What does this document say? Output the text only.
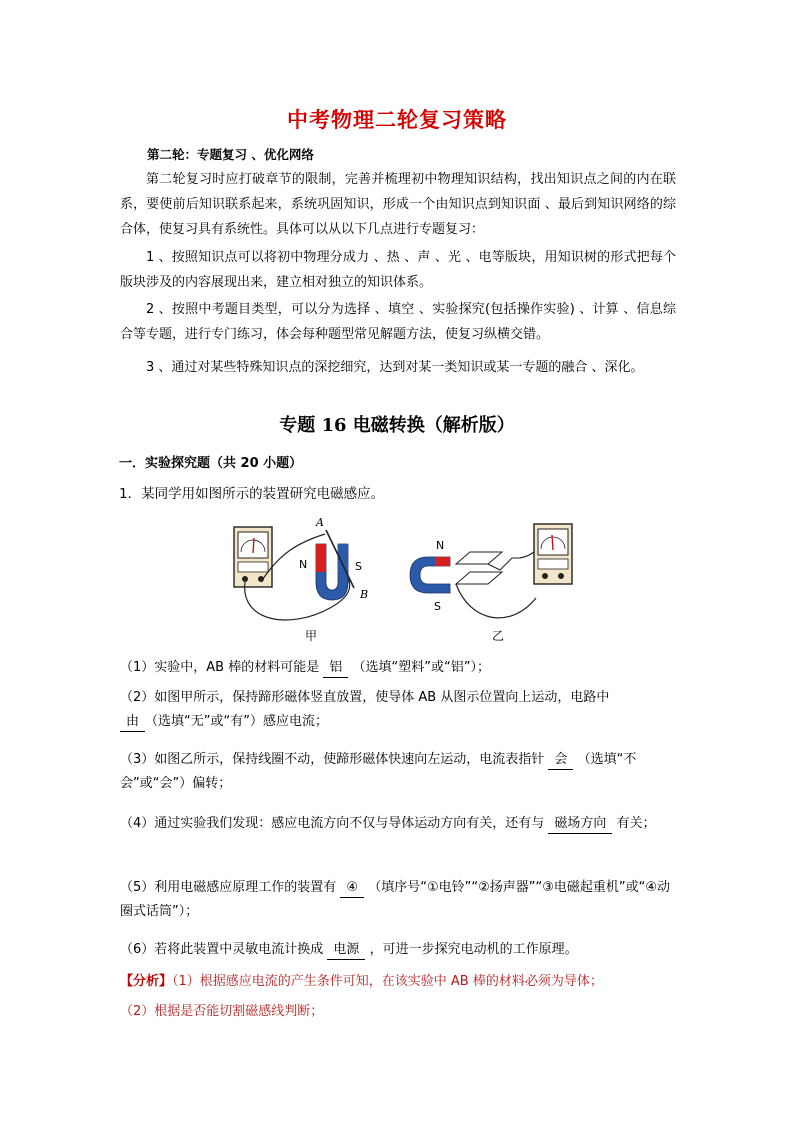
中考物理二轮复习策略
第二轮：专题复习 、优化网络
第二轮复习时应打破章节的限制，完善并梳理初中物理知识结构，找出知识点之间的内在联系，要使前后知识联系起来，系统巩固知识，形成一个由知识点到知识面 、最后到知识网络的综合体，使复习具有系统性。具体可以从以下几点进行专题复习：
1 、按照知识点可以将初中物理分成力 、热 、声 、光 、电等版块，用知识树的形式把每个版块涉及的内容展现出来，建立相对独立的知识体系。
2 、按照中考题目类型，可以分为选择 、填空 、实验探究(包括操作实验) 、计算 、信息综合等专题，进行专门练习，体会每种题型常见解题方法，使复习纵横交错。
3 、通过对某些特殊知识点的深挖细究，达到对某一类知识或某一专题的融合 、深化。
专题 16 电磁转换（解析版）
一．实验探究题（共 20 小题）
1．某同学用如图所示的装置研究电磁感应。
A
B
N	S
甲
N
S
乙
（1）实验中，AB 棒的材料可能是 铝 （选填“塑料”或“铝”）；
（2）如图甲所示，保持蹄形磁体竖直放置，使导体 AB 从图示位置向上运动，电路中
由 （选填“无”或“有”）感应电流；
（3）如图乙所示，保持线圈不动，使蹄形磁体快速向左运动，电流表指针 会 （选填“不会”或“会”）偏转；
（4）通过实验我们发现：感应电流方向不仅与导体运动方向有关，还有与 磁场方向 有关；
（5）利用电磁感应原理工作的装置有 ④ （填序号“①电铃”“②扬声器”“③电磁起重机”或“④动圈式话筒”）；
（6）若将此装置中灵敏电流计换成 电源 ，可进一步探究电动机的工作原理。
【分析】（1）根据感应电流的产生条件可知，在该实验中 AB 棒的材料必须为导体；
（2）根据是否能切割磁感线判断；
